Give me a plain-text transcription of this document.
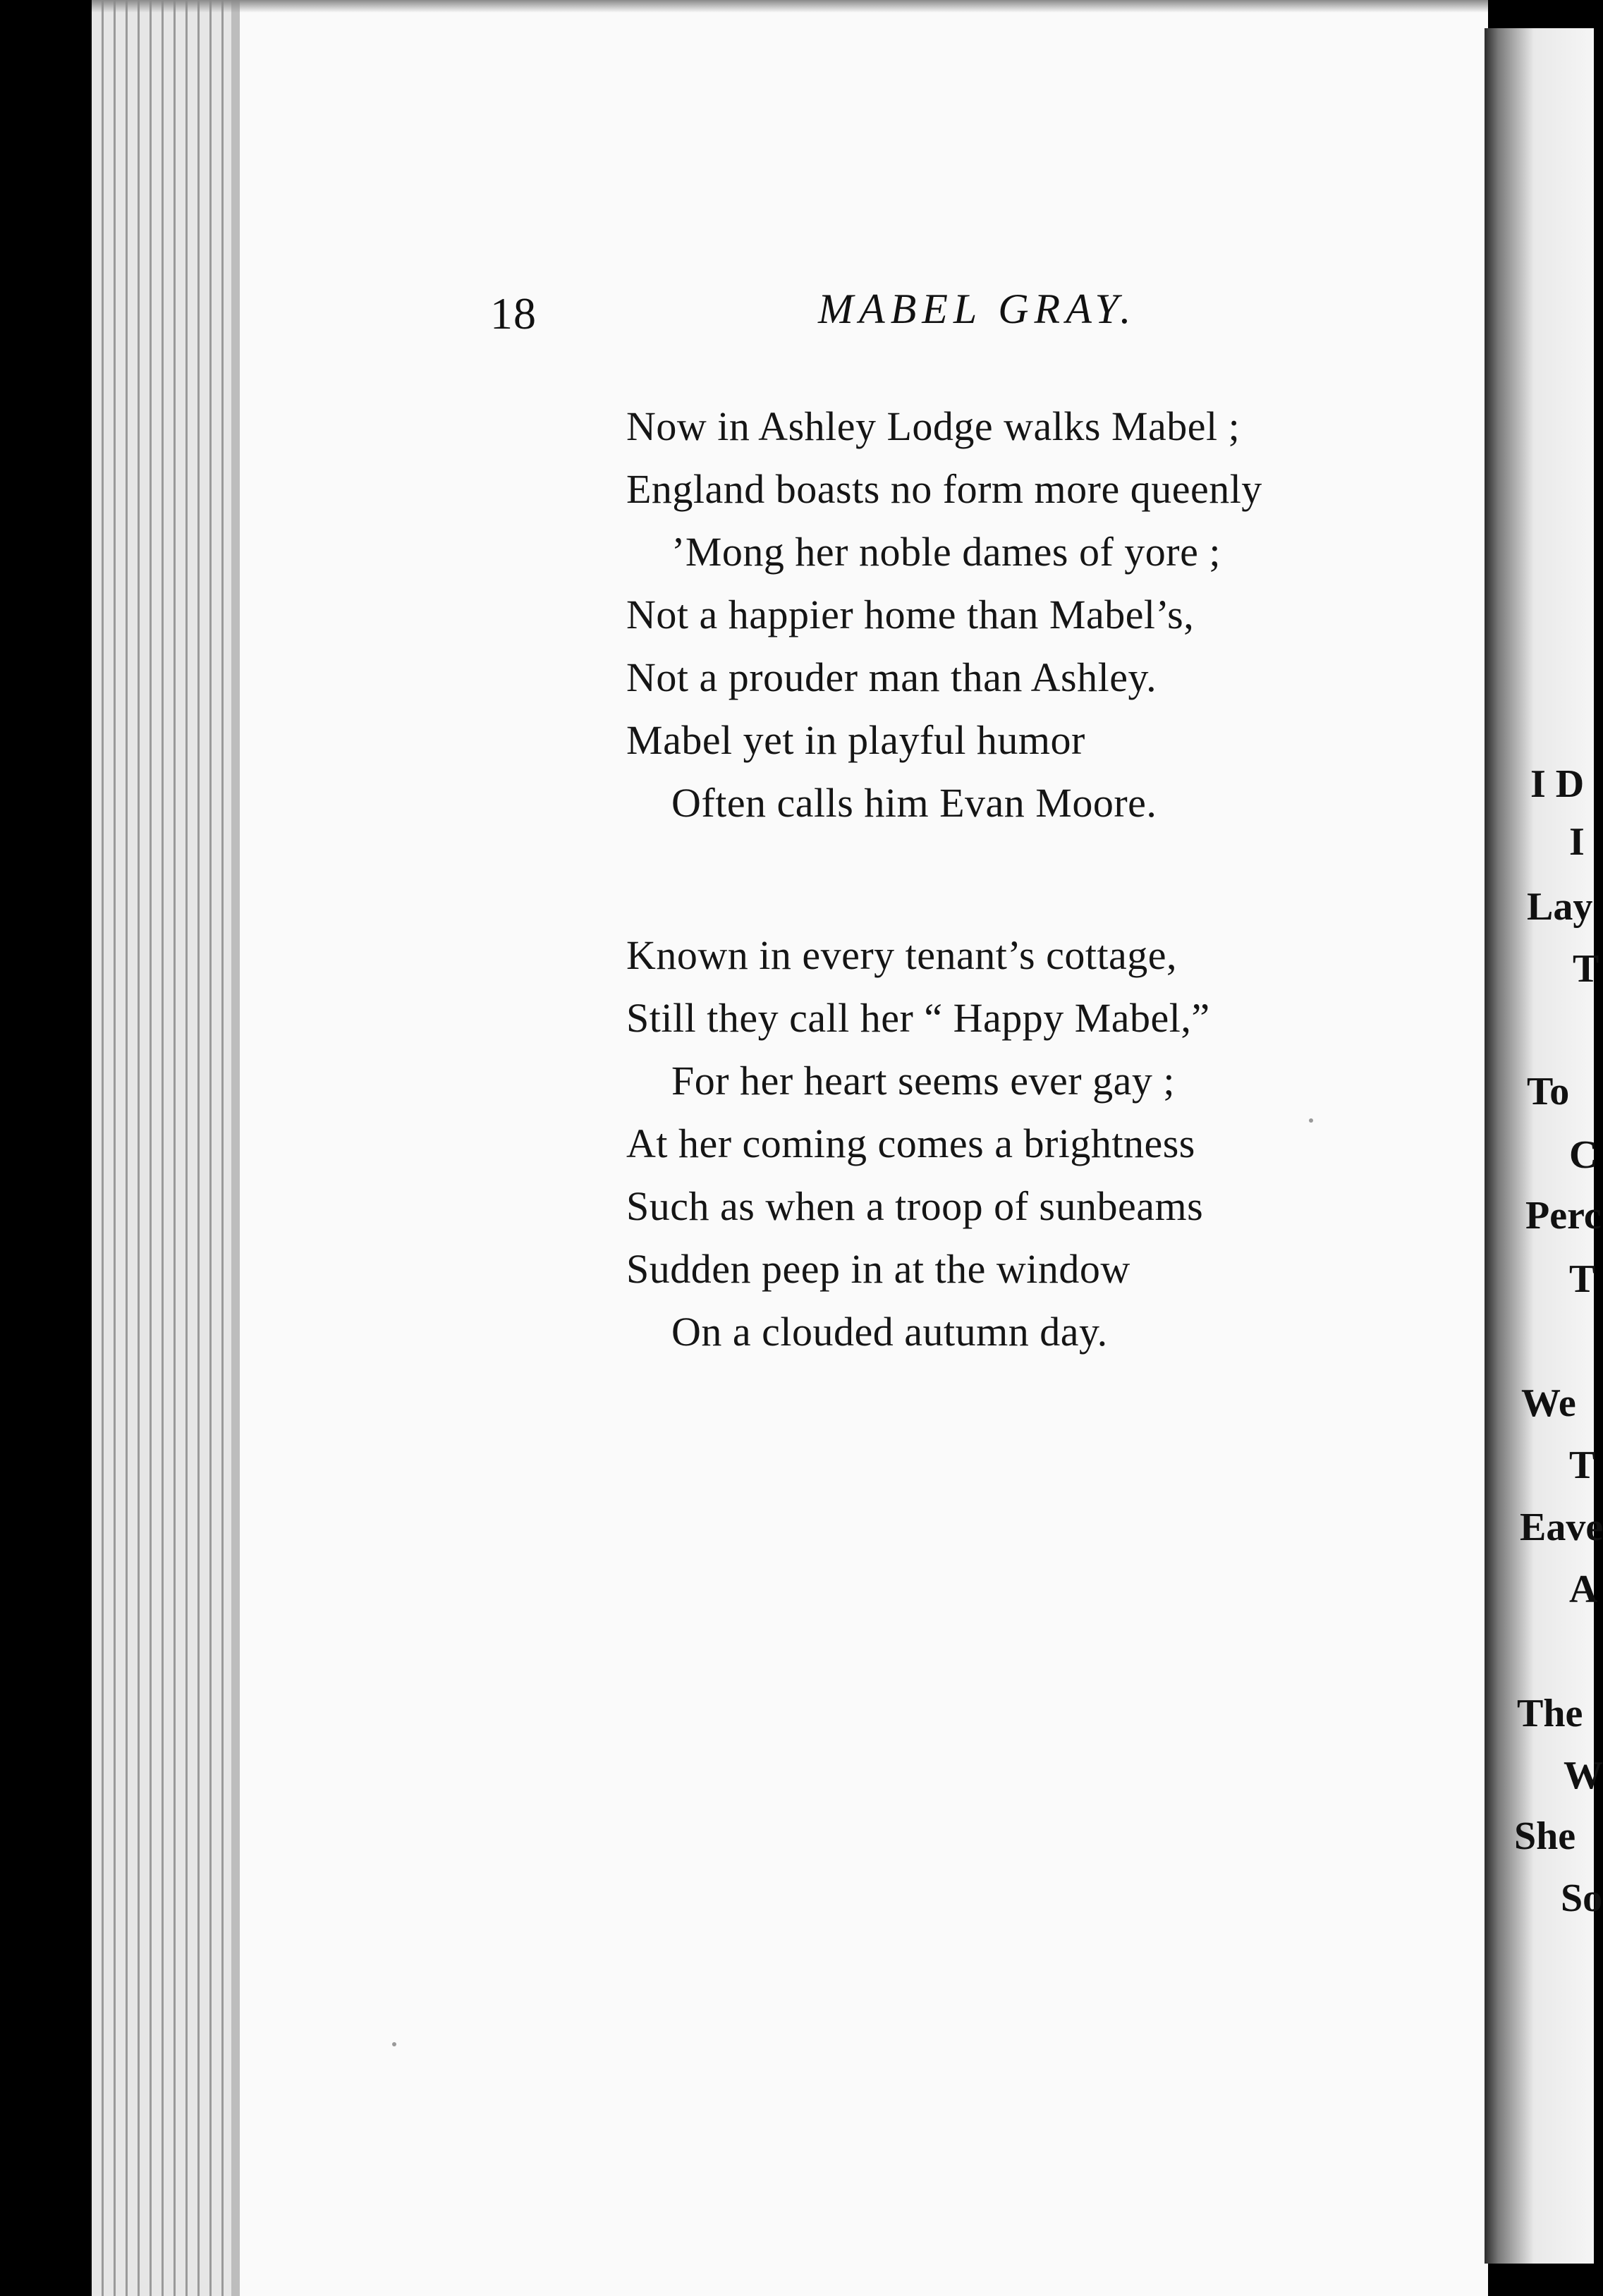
I D
I
Lay
T
To
C
Perc
T
We
T
Eave
A
The
W
She
So
18	MABEL GRAY.
Now in Ashley Lodge walks Mabel ;
England boasts no form more queenly
’Mong her noble dames of yore ;
Not a happier home than Mabel’s,
Not a prouder man than Ashley.
Mabel yet in playful humor
Often calls him Evan Moore.
Known in every tenant’s cottage,
Still they call her “ Happy Mabel,”
For her heart seems ever gay ;
At her coming comes a brightness
Such as when a troop of sunbeams
Sudden peep in at the window
On a clouded autumn day.
